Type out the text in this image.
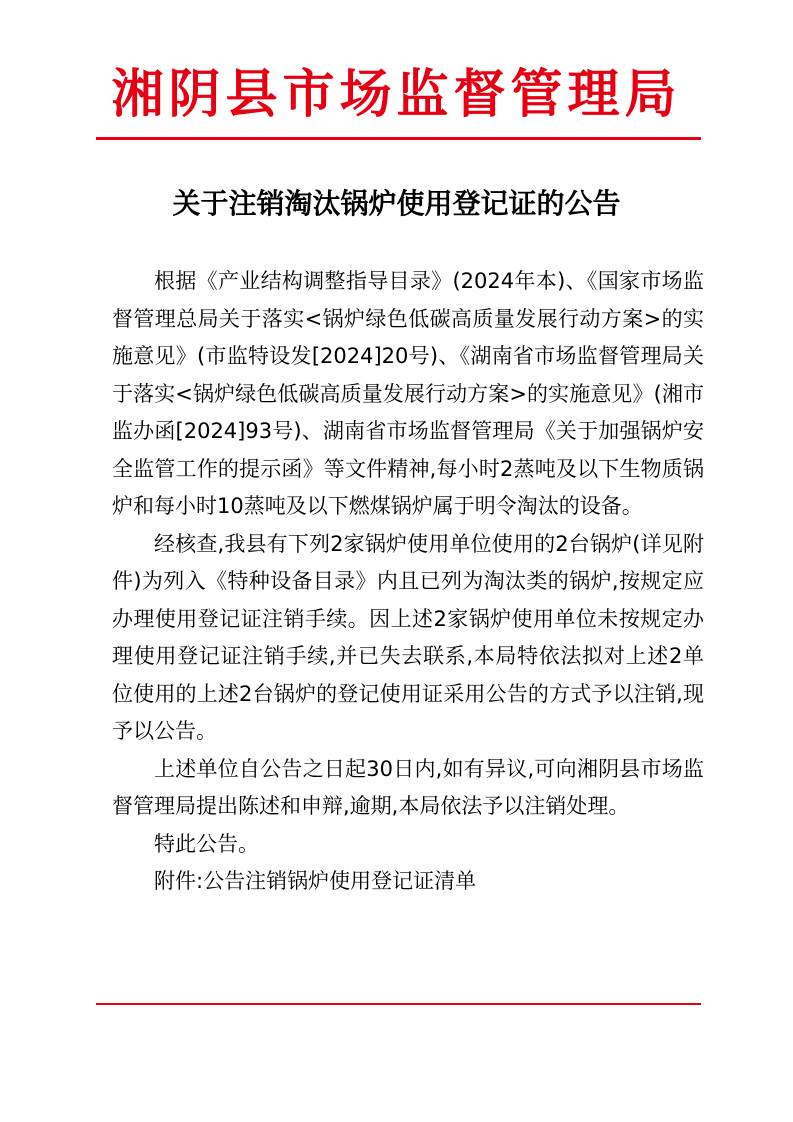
湘阴县市场监督管理局
关于注销淘汰锅炉使用登记证的公告

根据《产业结构调整指导目录》(2024年本)、《国家市场监督管理总局关于落实<锅炉绿色低碳高质量发展行动方案>的实施意见》(市监特设发[2024]20号)、《湖南省市场监督管理局关于落实<锅炉绿色低碳高质量发展行动方案>的实施意见》(湘市监办函[2024]93号)、湖南省市场监督管理局《关于加强锅炉安全监管工作的提示函》等文件精神,每小时2蒸吨及以下生物质锅炉和每小时10蒸吨及以下燃煤锅炉属于明令淘汰的设备。

经核查,我县有下列2家锅炉使用单位使用的2台锅炉(详见附件)为列入《特种设备目录》内且已列为淘汰类的锅炉,按规定应办理使用登记证注销手续。因上述2家锅炉使用单位未按规定办理使用登记证注销手续,并已失去联系,本局特依法拟对上述2单位使用的上述2台锅炉的登记使用证采用公告的方式予以注销,现予以公告。

上述单位自公告之日起30日内,如有异议,可向湘阴县市场监督管理局提出陈述和申辩,逾期,本局依法予以注销处理。

特此公告。

附件:公告注销锅炉使用登记证清单
